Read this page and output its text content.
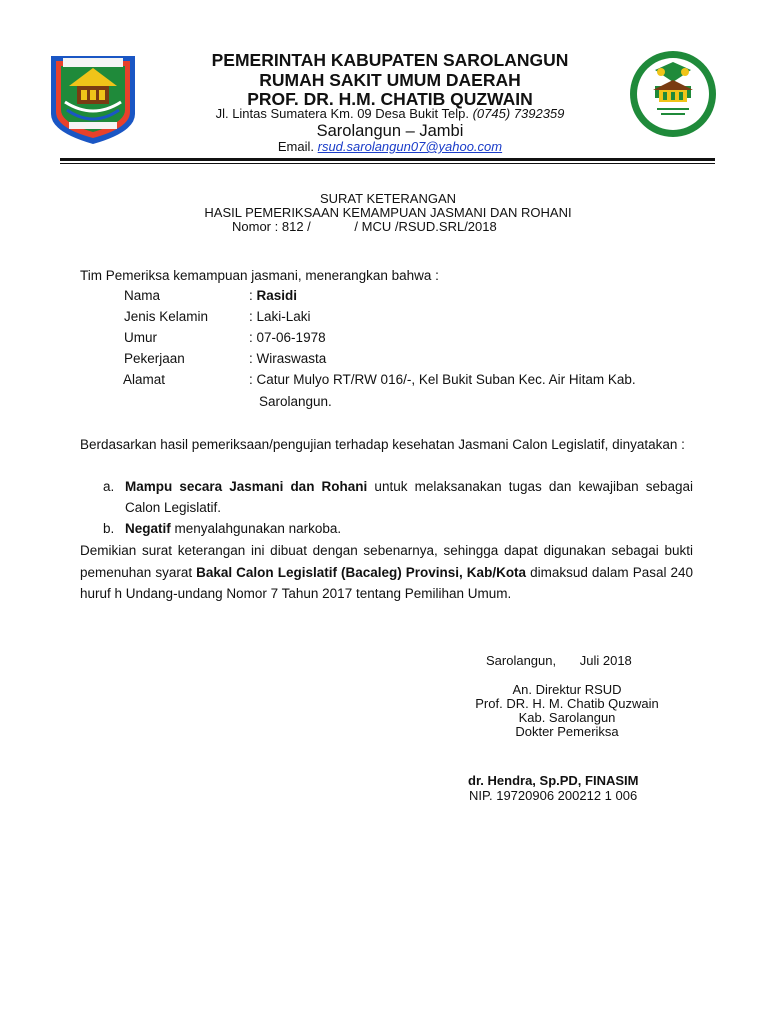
PEMERINTAH KABUPATEN SAROLANGUN
RUMAH SAKIT UMUM DAERAH
PROF. DR. H.M. CHATIB QUZWAIN
Jl. Lintas Sumatera Km. 09 Desa Bukit Telp. (0745) 7392359
Sarolangun – Jambi
Email. rsud.sarolangun07@yahoo.com
SURAT KETERANGAN
HASIL PEMERIKSAAN KEMAMPUAN JASMANI DAN ROHANI
Nomor : 812 /	/ MCU /RSUD.SRL/2018
Tim Pemeriksa kemampuan jasmani, menerangkan bahwa :
Nama	: Rasidi
Jenis Kelamin	: Laki-Laki
Umur	: 07-06-1978
Pekerjaan	: Wiraswasta
Alamat	: Catur Mulyo RT/RW 016/-, Kel Bukit Suban Kec. Air Hitam Kab.
Sarolangun.
Berdasarkan hasil pemeriksaan/pengujian terhadap kesehatan Jasmani Calon Legislatif, dinyatakan :
a. Mampu secara Jasmani dan Rohani untuk melaksanakan tugas dan kewajiban sebagai Calon Legislatif.
b. Negatif menyalahgunakan narkoba.
Demikian surat keterangan ini dibuat dengan sebenarnya, sehingga dapat digunakan sebagai bukti pemenuhan syarat Bakal Calon Legislatif (Bacaleg) Provinsi, Kab/Kota dimaksud dalam Pasal 240 huruf h Undang-undang Nomor 7 Tahun 2017 tentang Pemilihan Umum.
Sarolangun, Juli 2018
An. Direktur RSUD
Prof. DR. H. M. Chatib Quzwain
Kab. Sarolangun
Dokter Pemeriksa
dr. Hendra, Sp.PD, FINASIM
NIP. 19720906 200212 1 006
